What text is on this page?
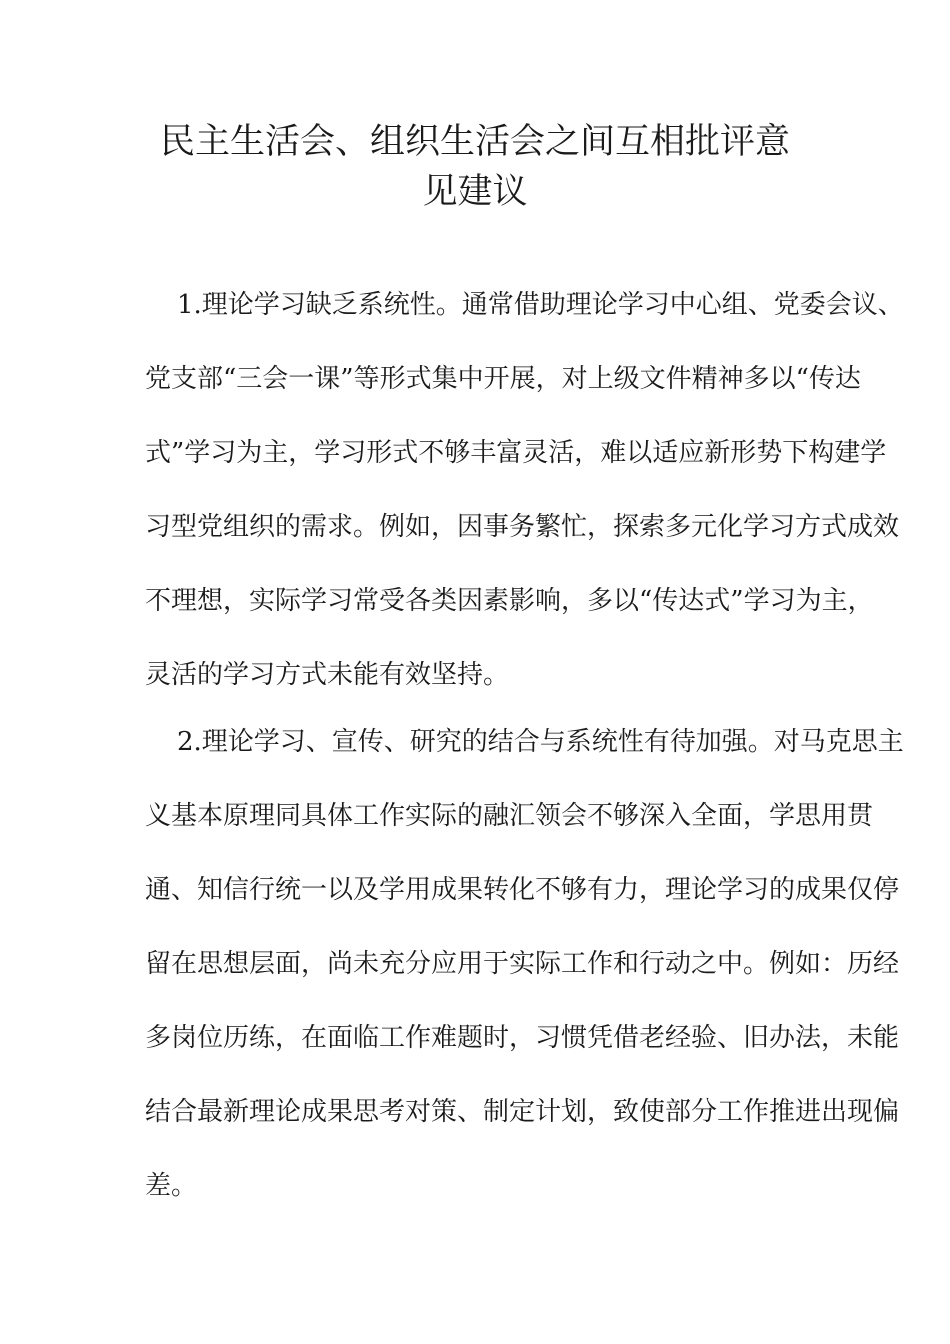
民主生活会、组织生活会之间互相批评意
见建议
1.理论学习缺乏系统性。通常借助理论学习中心组、党委会议、
党支部“三会一课”等形式集中开展，对上级文件精神多以“传达
式”学习为主，学习形式不够丰富灵活，难以适应新形势下构建学
习型党组织的需求。例如，因事务繁忙，探索多元化学习方式成效
不理想，实际学习常受各类因素影响，多以“传达式”学习为主，
灵活的学习方式未能有效坚持。
2.理论学习、宣传、研究的结合与系统性有待加强。对马克思主
义基本原理同具体工作实际的融汇领会不够深入全面，学思用贯
通、知信行统一以及学用成果转化不够有力，理论学习的成果仅停
留在思想层面，尚未充分应用于实际工作和行动之中。例如：历经
多岗位历练，在面临工作难题时，习惯凭借老经验、旧办法，未能
结合最新理论成果思考对策、制定计划，致使部分工作推进出现偏
差。
